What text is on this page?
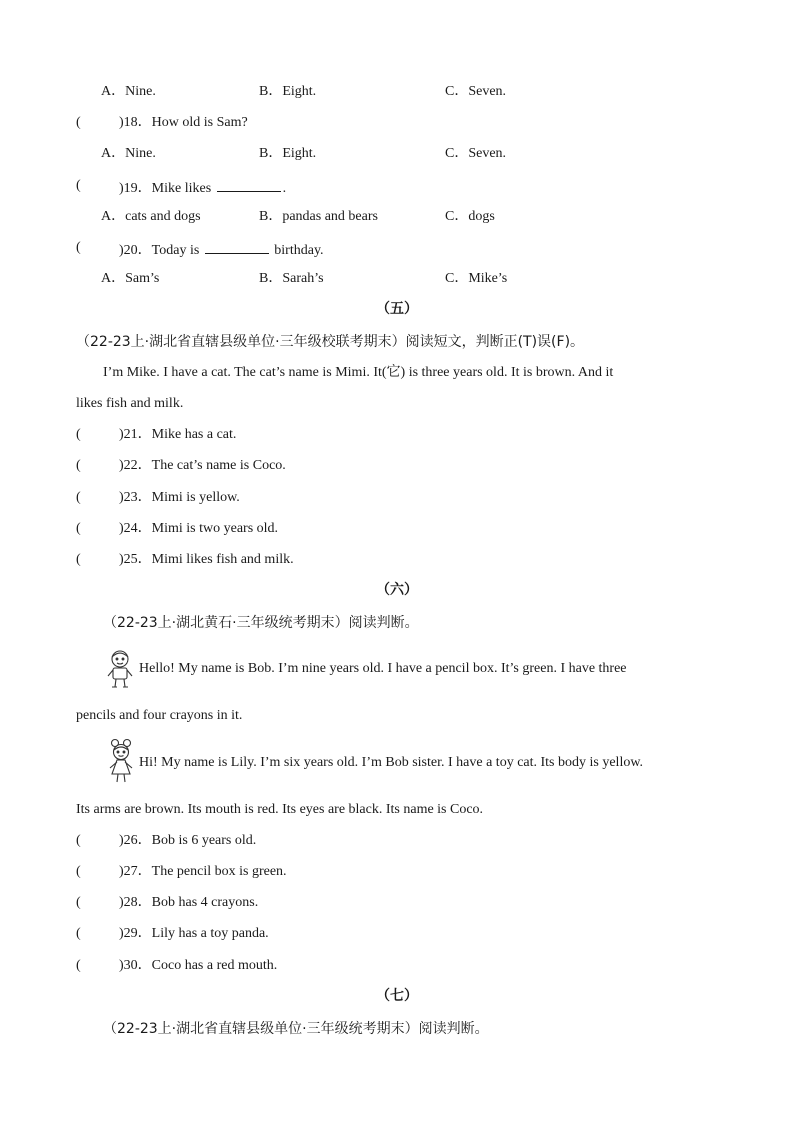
A．Nine.	B．Eight.	C．Seven.
(	)18．How old is Sam?
A．Nine.	B．Eight.	C．Seven.
(	)19．Mike likes	.
A．cats and dogs	B．pandas and bears	C．dogs
(	)20．Today is	birthday.
A．Sam’s	B．Sarah’s	C．Mike’s
（五）
（22-23上·湖北省直辖县级单位·三年级校联考期末）阅读短文，判断正(T)误(F)。
I’m Mike. I have a cat. The cat’s name is Mimi. It(它) is three years old. It is brown. And it
likes fish and milk.
(	)21．Mike has a cat.
(	)22．The cat’s name is Coco.
(	)23．Mimi is yellow.
(	)24．Mimi is two years old.
(	)25．Mimi likes fish and milk.
（六）
（22-23上·湖北黄石·三年级统考期末）阅读判断。
Hello! My name is Bob. I’m nine years old. I have a pencil box. It’s green. I have three
pencils and four crayons in it.
Hi! My name is Lily. I’m six years old. I’m Bob sister. I have a toy cat. Its body is yellow.
Its arms are brown. Its mouth is red. Its eyes are black. Its name is Coco.
(	)26．Bob is 6 years old.
(	)27．The pencil box is green.
(	)28．Bob has 4 crayons.
(	)29．Lily has a toy panda.
(	)30．Coco has a red mouth.
（七）
（22-23上·湖北省直辖县级单位·三年级统考期末）阅读判断。
